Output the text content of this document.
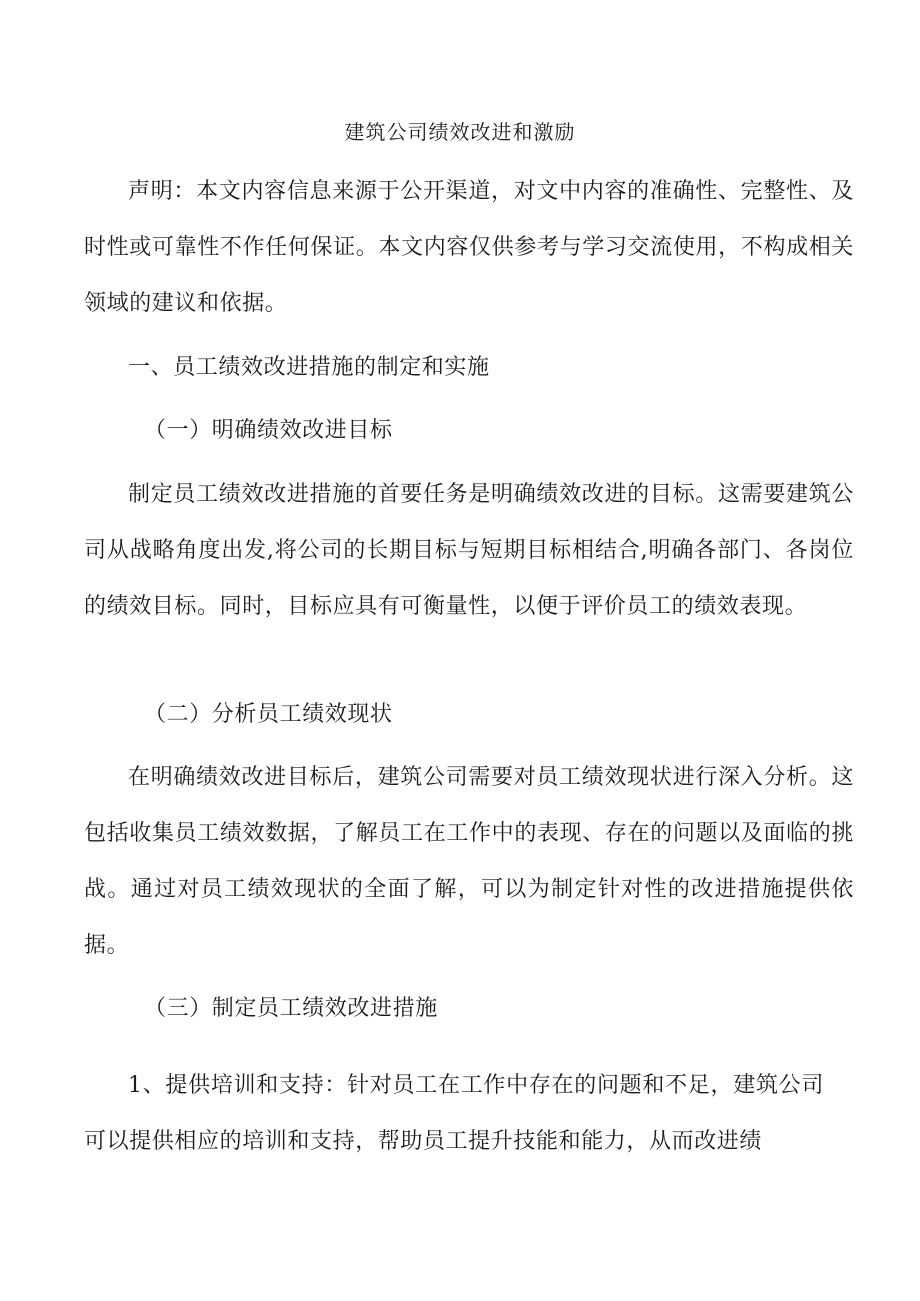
建筑公司绩效改进和激励

声明：本文内容信息来源于公开渠道，对文中内容的准确性、完整性、及时性或可靠性不作任何保证。本文内容仅供参考与学习交流使用，不构成相关领域的建议和依据。

一、员工绩效改进措施的制定和实施
（一）明确绩效改进目标

制定员工绩效改进措施的首要任务是明确绩效改进的目标。这需要建筑公司从战略角度出发,将公司的长期目标与短期目标相结合,明确各部门、各岗位的绩效目标。同时，目标应具有可衡量性，以便于评价员工的绩效表现。

（二）分析员工绩效现状

在明确绩效改进目标后，建筑公司需要对员工绩效现状进行深入分析。这包括收集员工绩效数据，了解员工在工作中的表现、存在的问题以及面临的挑战。通过对员工绩效现状的全面了解，可以为制定针对性的改进措施提供依据。

（三）制定员工绩效改进措施

1、提供培训和支持：针对员工在工作中存在的问题和不足，建筑公司可以提供相应的培训和支持，帮助员工提升技能和能力，从而改进绩
